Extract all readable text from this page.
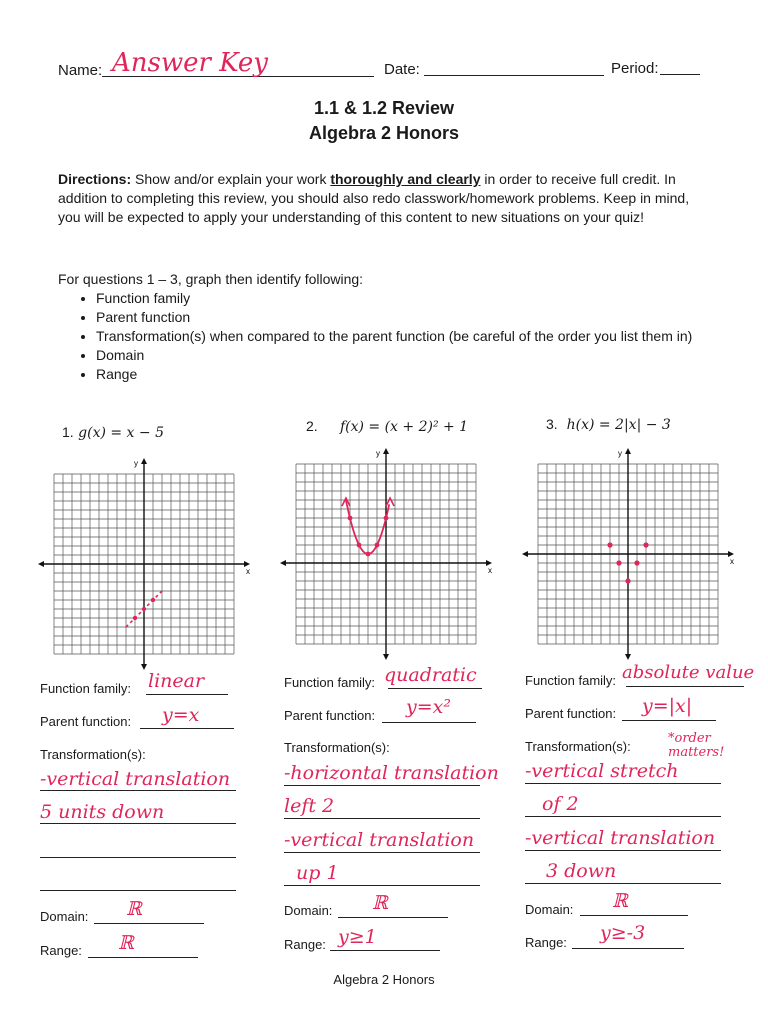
Name: Answer Key	Date:	Period:
1.1 & 1.2 Review
Algebra 2 Honors
Directions: Show and/or explain your work thoroughly and clearly in order to receive full credit. In addition to completing this review, you should also redo classwork/homework problems. Keep in mind, you will be expected to apply your understanding of this content to new situations on your quiz!
For questions 1 – 3, graph then identify following:
• Function family
• Parent function
• Transformation(s) when compared to the parent function (be careful of the order you list them in)
• Domain
• Range
1. g(x) = x − 5	2. f(x) = (x + 2)² + 1	3. h(x) = 2|x| − 3
x
y
x
y
x
y
Function family: linear
Parent function: y=x
Transformation(s):
-vertical translation
5 units down
Domain: ℝ
Range: ℝ
Function family: quadratic
Parent function: y=x²
Transformation(s):
-horizontal translation
left 2
-vertical translation
up 1
Domain: ℝ
Range: y≥1
Function family: absolute value
Parent function: y=|x|
Transformation(s):
*order matters!
-vertical stretch
of 2
-vertical translation
3 down
Domain: ℝ
Range: y≥-3
Algebra 2 Honors
